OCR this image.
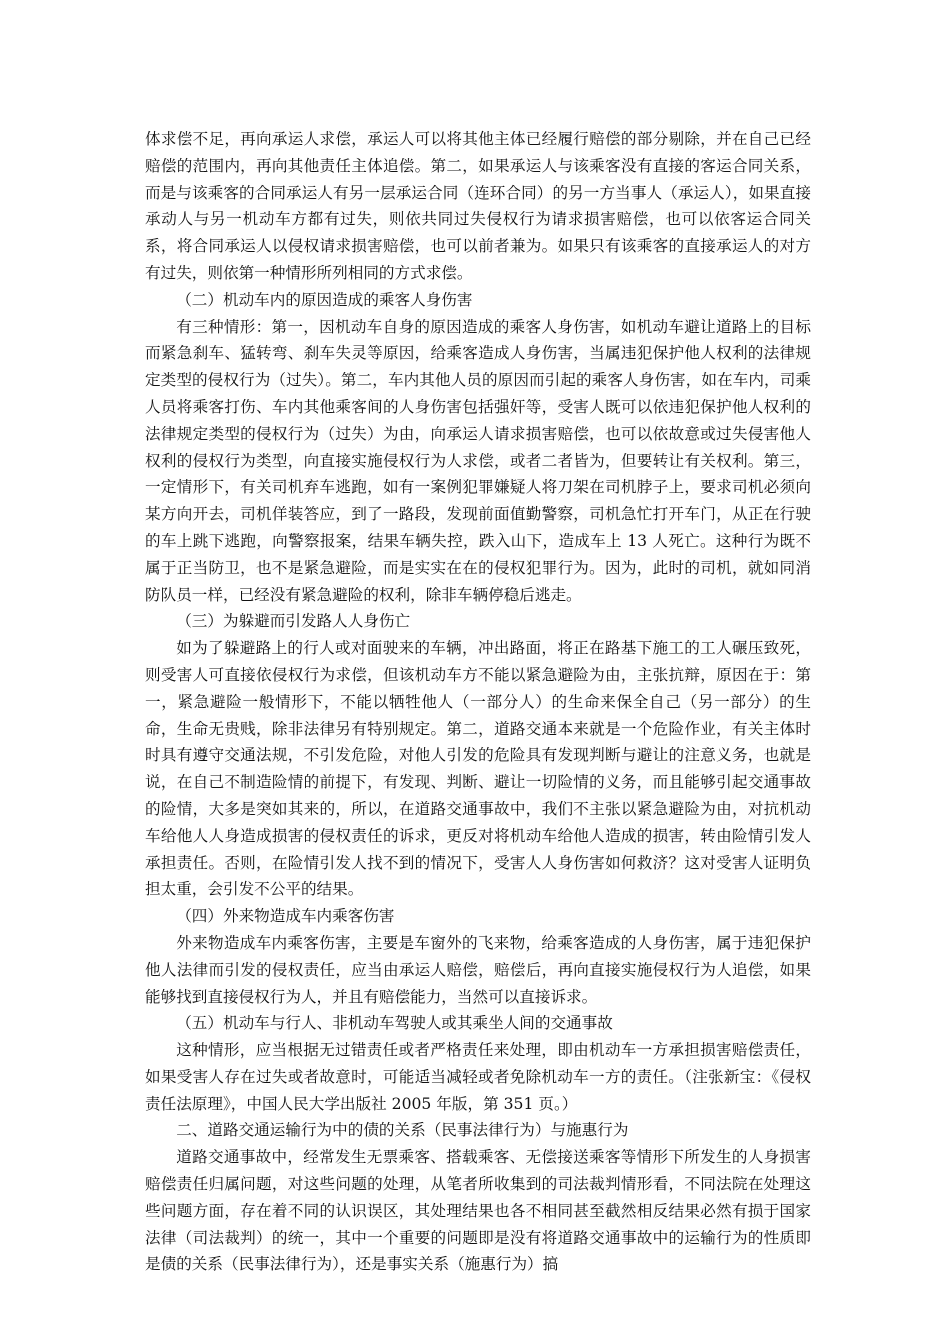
体求偿不足，再向承运人求偿，承运人可以将其他主体已经履行赔偿的部分剔除，并在自己已经赔偿的范围内，再向其他责任主体追偿。第二，如果承运人与该乘客没有直接的客运合同关系，而是与该乘客的合同承运人有另一层承运合同（连环合同）的另一方当事人（承运人），如果直接承动人与另一机动车方都有过失，则依共同过失侵权行为请求损害赔偿，也可以依客运合同关系，将合同承运人以侵权请求损害赔偿，也可以前者兼为。如果只有该乘客的直接承运人的对方有过失，则依第一种情形所列相同的方式求偿。

（二）机动车内的原因造成的乘客人身伤害

有三种情形：第一，因机动车自身的原因造成的乘客人身伤害，如机动车避让道路上的目标而紧急刹车、猛转弯、刹车失灵等原因，给乘客造成人身伤害，当属违犯保护他人权利的法律规定类型的侵权行为（过失）。第二，车内其他人员的原因而引起的乘客人身伤害，如在车内，司乘人员将乘客打伤、车内其他乘客间的人身伤害包括强奸等，受害人既可以依违犯保护他人权利的法律规定类型的侵权行为（过失）为由，向承运人请求损害赔偿，也可以依故意或过失侵害他人权利的侵权行为类型，向直接实施侵权行为人求偿，或者二者皆为，但要转让有关权利。第三，一定情形下，有关司机弃车逃跑，如有一案例犯罪嫌疑人将刀架在司机脖子上，要求司机必须向某方向开去，司机佯装答应，到了一路段，发现前面值勤警察，司机急忙打开车门，从正在行驶的车上跳下逃跑，向警察报案，结果车辆失控，跌入山下，造成车上 13 人死亡。这种行为既不属于正当防卫，也不是紧急避险，而是实实在在的侵权犯罪行为。因为，此时的司机，就如同消防队员一样，已经没有紧急避险的权利，除非车辆停稳后逃走。

（三）为躲避而引发路人人身伤亡

如为了躲避路上的行人或对面驶来的车辆，冲出路面，将正在路基下施工的工人碾压致死，则受害人可直接依侵权行为求偿，但该机动车方不能以紧急避险为由，主张抗辩，原因在于：第一，紧急避险一般情形下，不能以牺牲他人（一部分人）的生命来保全自己（另一部分）的生命，生命无贵贱，除非法律另有特别规定。第二，道路交通本来就是一个危险作业，有关主体时时具有遵守交通法规，不引发危险，对他人引发的危险具有发现判断与避让的注意义务，也就是说，在自己不制造险情的前提下，有发现、判断、避让一切险情的义务，而且能够引起交通事故的险情，大多是突如其来的，所以，在道路交通事故中，我们不主张以紧急避险为由，对抗机动车给他人人身造成损害的侵权责任的诉求，更反对将机动车给他人造成的损害，转由险情引发人承担责任。否则，在险情引发人找不到的情况下，受害人人身伤害如何救济？这对受害人证明负担太重，会引发不公平的结果。

（四）外来物造成车内乘客伤害

外来物造成车内乘客伤害，主要是车窗外的飞来物，给乘客造成的人身伤害，属于违犯保护他人法律而引发的侵权责任，应当由承运人赔偿，赔偿后，再向直接实施侵权行为人追偿，如果能够找到直接侵权行为人，并且有赔偿能力，当然可以直接诉求。

（五）机动车与行人、非机动车驾驶人或其乘坐人间的交通事故

这种情形，应当根据无过错责任或者严格责任来处理，即由机动车一方承担损害赔偿责任，如果受害人存在过失或者故意时，可能适当减轻或者免除机动车一方的责任。（注张新宝：《侵权责任法原理》，中国人民大学出版社 2005 年版，第 351 页。）

二、道路交通运输行为中的债的关系（民事法律行为）与施惠行为

道路交通事故中，经常发生无票乘客、搭载乘客、无偿接送乘客等情形下所发生的人身损害赔偿责任归属问题，对这些问题的处理，从笔者所收集到的司法裁判情形看，不同法院在处理这些问题方面，存在着不同的认识误区，其处理结果也各不相同甚至截然相反结果必然有损于国家法律（司法裁判）的统一，其中一个重要的问题即是没有将道路交通事故中的运输行为的性质即是债的关系（民事法律行为），还是事实关系（施惠行为）搞
